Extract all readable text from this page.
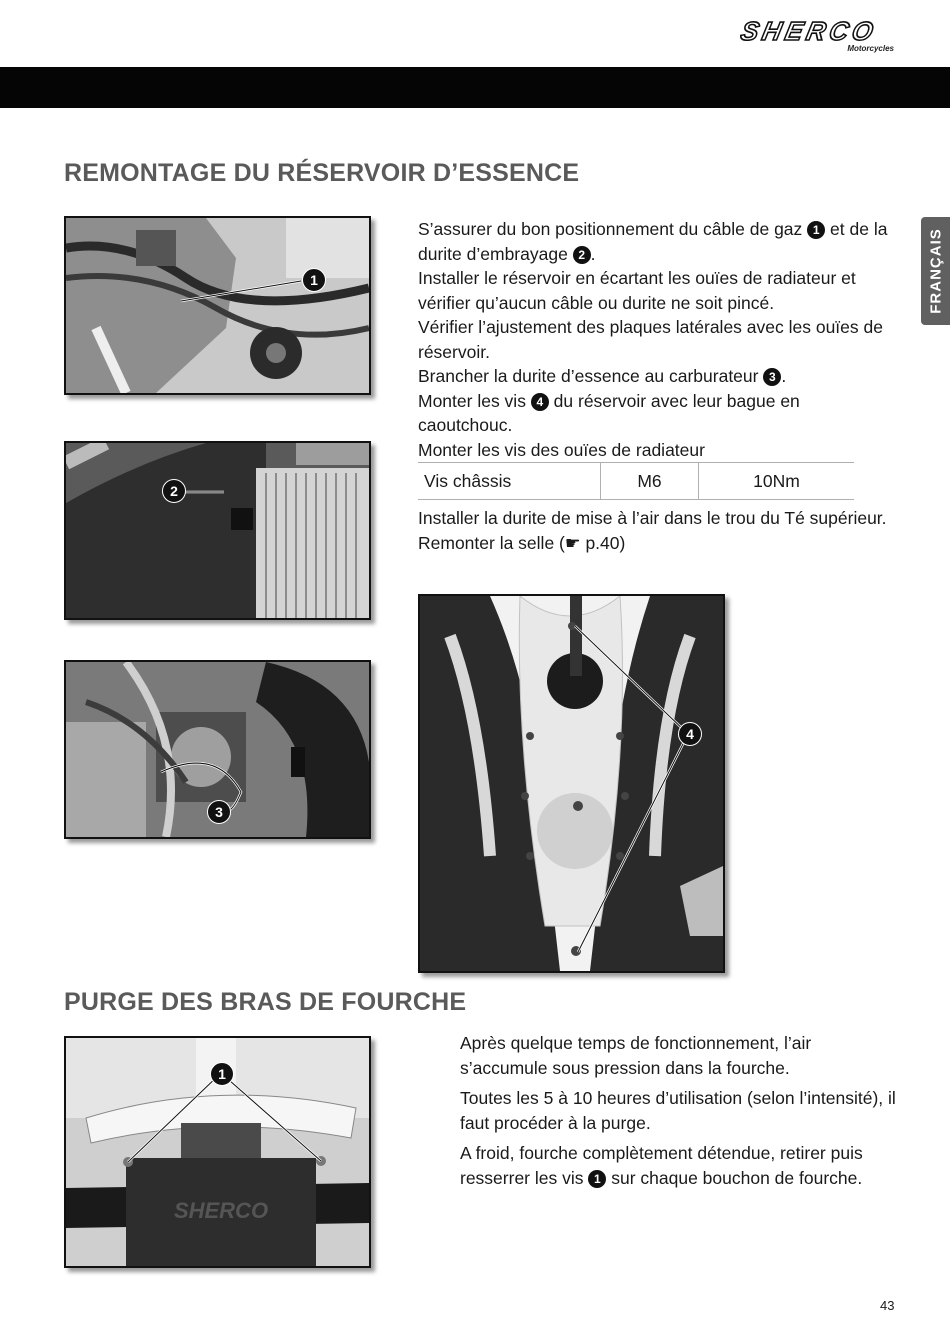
SHERCO
Motorcycles
FRANÇAIS
REMONTAGE DU RÉSERVOIR D’ESSENCE
1
2
3

S’assurer du bon positionnement du câble de gaz 1 et de la durite d’embrayage 2 .

Installer le réservoir en écartant les ouïes de radiateur et vérifier qu’aucun câble ou durite ne soit pincé.

Vérifier l’ajustement des plaques latérales avec les ouïes de réservoir.

Brancher la durite d’essence au carburateur 3 .

Monter les vis 4 du réservoir avec leur bague en caoutchouc.

Monter les vis des ouïes de radiateur

Vis châssis	M6	10Nm

Installer la durite de mise à l’air dans le trou du Té supérieur.

Remonter la selle (☛ p.40)

4
PURGE DES BRAS DE FOURCHE
SHERCO
1

Après quelque temps de fonctionnement, l’air s’accumule sous pression dans la fourche.

Toutes les 5 à 10 heures d’utilisation (selon l’intensité), il faut procéder à la purge.

A froid, fourche complètement détendue, retirer puis resserrer les vis 1 sur chaque bouchon de fourche.

43
